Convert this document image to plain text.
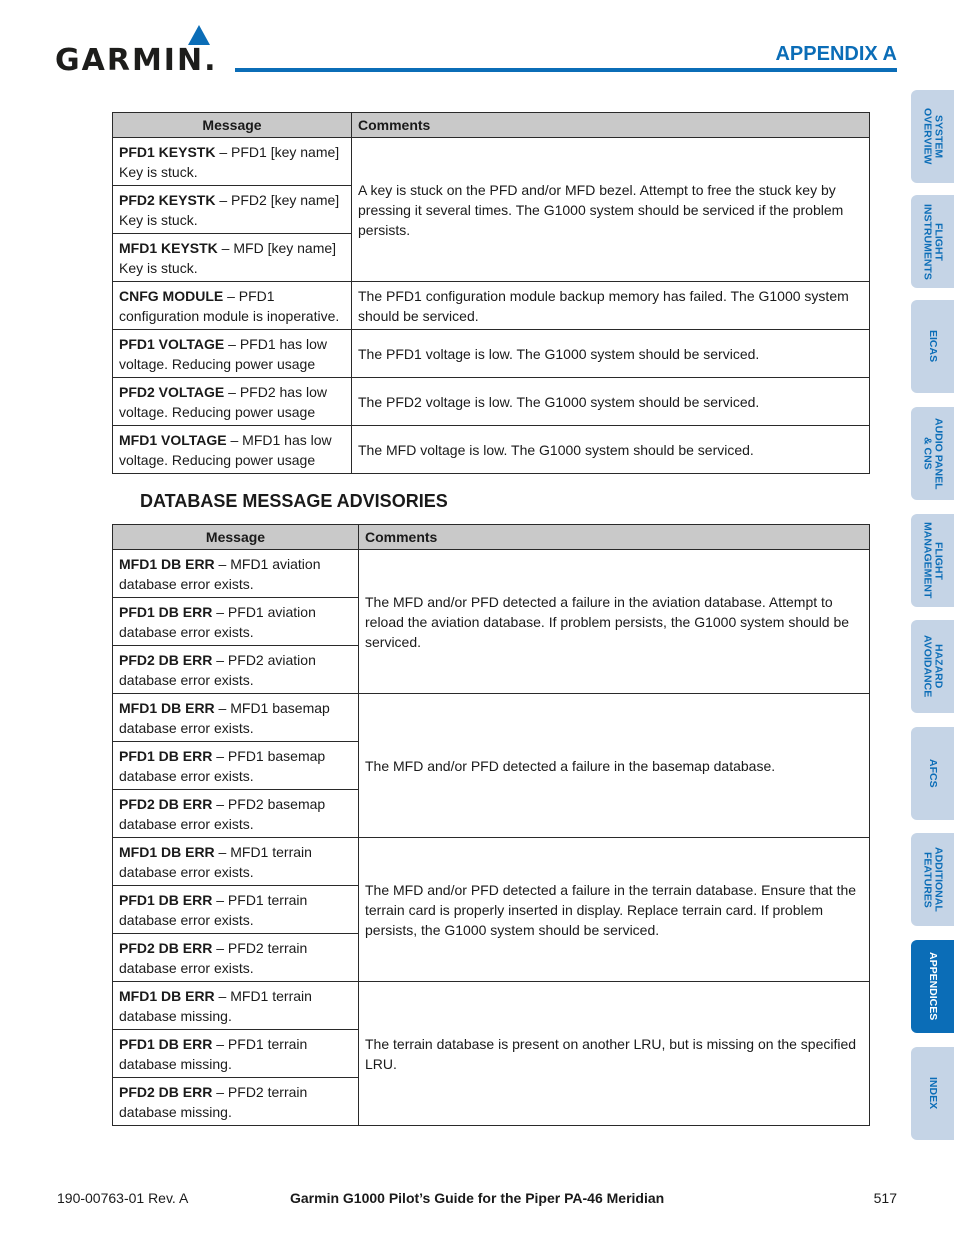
GARMIN.	APPENDIX A
Message	Comments
PFD1 KEYSTK – PFD1 [key name] Key is stuck.	A key is stuck on the PFD and/or MFD bezel. Attempt to free the stuck key by pressing it several times. The G1000 system should be serviced if the problem persists.
PFD2 KEYSTK – PFD2 [key name] Key is stuck.	
MFD1 KEYSTK – MFD [key name] Key is stuck.	
CNFG MODULE – PFD1 configuration module is inoperative.	The PFD1 configuration module backup memory has failed. The G1000 system should be serviced.
PFD1 VOLTAGE – PFD1 has low voltage. Reducing power usage	The PFD1 voltage is low. The G1000 system should be serviced.
PFD2 VOLTAGE – PFD2 has low voltage. Reducing power usage	The PFD2 voltage is low. The G1000 system should be serviced.
MFD1 VOLTAGE – MFD1 has low voltage. Reducing power usage	The MFD voltage is low. The G1000 system should be serviced.
DATABASE MESSAGE ADVISORIES
Message	Comments
MFD1 DB ERR – MFD1 aviation database error exists.	The MFD and/or PFD detected a failure in the aviation database. Attempt to reload the aviation database. If problem persists, the G1000 system should be serviced.
PFD1 DB ERR – PFD1 aviation database error exists.	
PFD2 DB ERR – PFD2 aviation database error exists.	
MFD1 DB ERR – MFD1 basemap database error exists.	The MFD and/or PFD detected a failure in the basemap database.
PFD1 DB ERR – PFD1 basemap database error exists.	
PFD2 DB ERR – PFD2 basemap database error exists.	
MFD1 DB ERR – MFD1 terrain database error exists.	The MFD and/or PFD detected a failure in the terrain database. Ensure that the terrain card is properly inserted in display. Replace terrain card. If problem persists, the G1000 system should be serviced.
PFD1 DB ERR – PFD1 terrain database error exists.	
PFD2 DB ERR – PFD2 terrain database error exists.	
MFD1 DB ERR – MFD1 terrain database missing.	The terrain database is present on another LRU, but is missing on the specified LRU.
PFD1 DB ERR – PFD1 terrain database missing.	
PFD2 DB ERR – PFD2 terrain database missing.	
SYSTEM
OVERVIEW
FLIGHT
INSTRUMENTS
EICAS
AUDIO PANEL
& CNS
FLIGHT
MANAGEMENT
HAZARD
AVOIDANCE
AFCS
ADDITIONAL
FEATURES
APPENDICES
INDEX
190-00763-01 Rev. A	Garmin G1000 Pilot’s Guide for the Piper PA-46 Meridian	517
